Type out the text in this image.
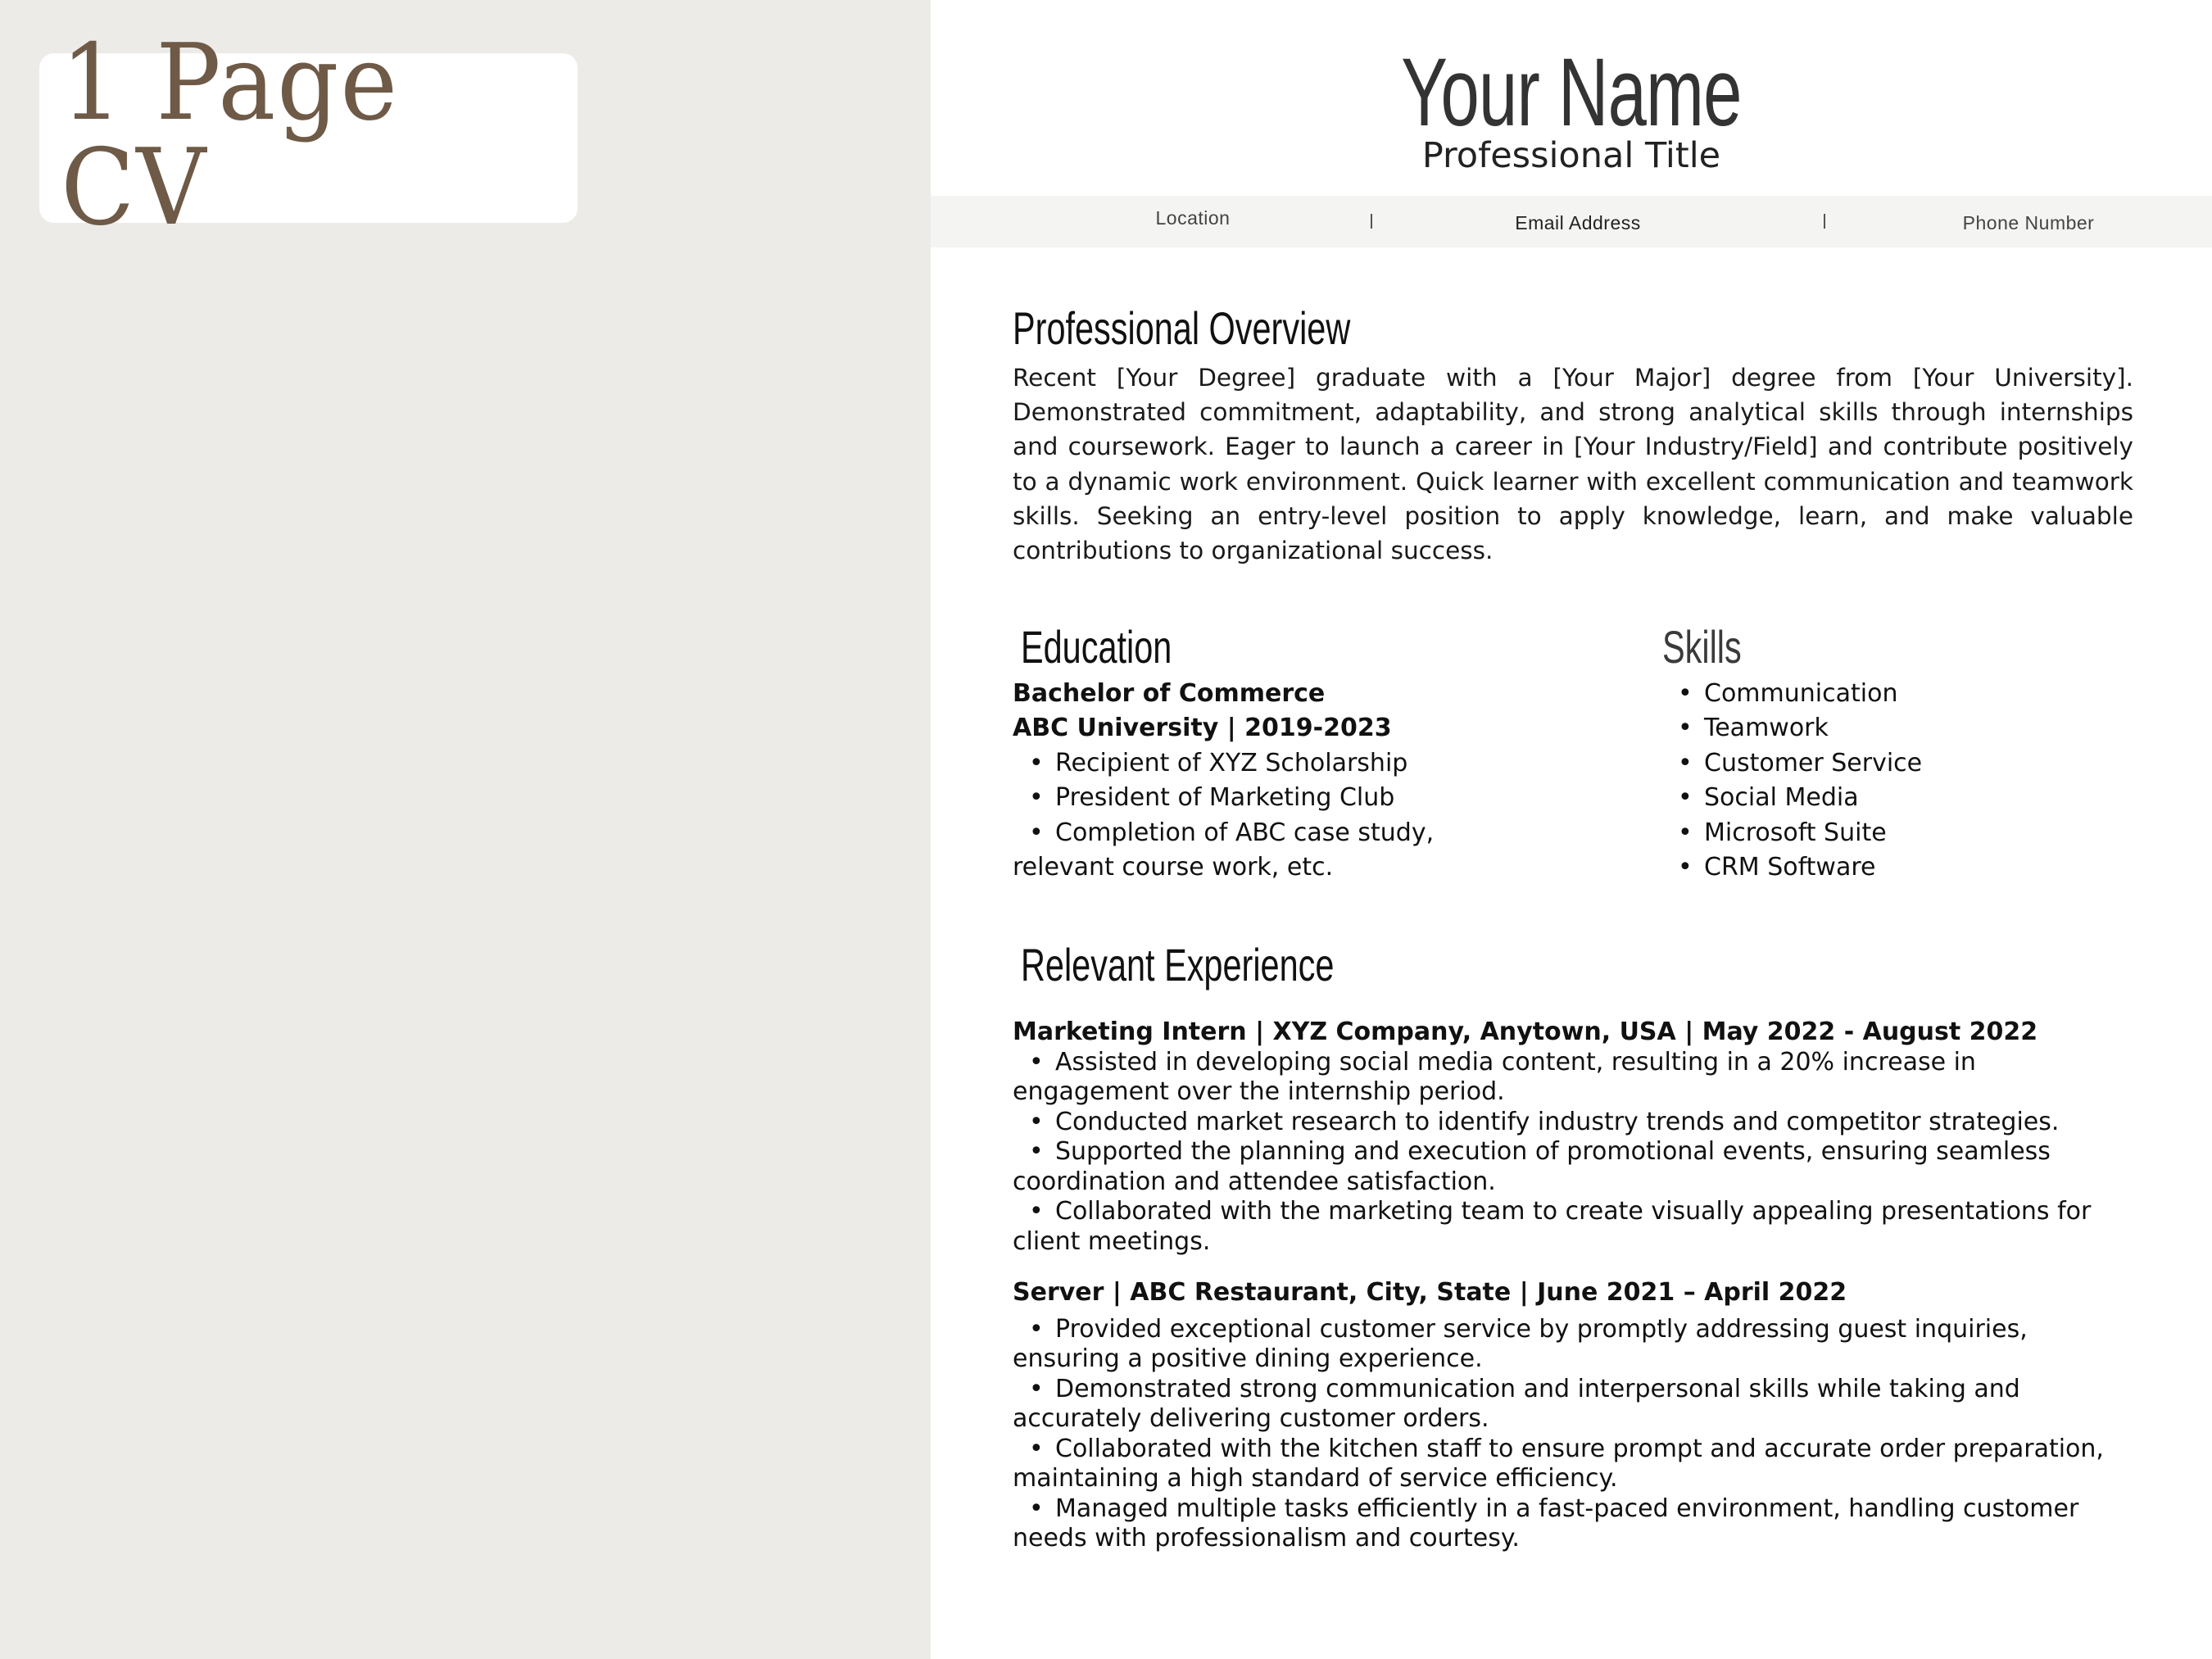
1 Page CV
Your Name
Professional Title
Location	Email Address	Phone Number
Professional Overview
Recent [Your Degree] graduate with a [Your Major] degree from [Your University]. Demonstrated commitment, adaptability, and strong analytical skills through internships and coursework. Eager to launch a career in [Your Industry/Field] and contribute positively to a dynamic work environment. Quick learner with excellent communication and teamwork skills. Seeking an entry-level position to apply knowledge, learn, and make valuable contributions to organizational success.
Education
Bachelor of Commerce
ABC University | 2019-2023
• Recipient of XYZ Scholarship
• President of Marketing Club
• Completion of ABC case study,
relevant course work, etc.
Skills
• Communication
• Teamwork
• Customer Service
• Social Media
• Microsoft Suite
• CRM Software
Relevant Experience
Marketing Intern | XYZ Company, Anytown, USA | May 2022 - August 2022
• Assisted in developing social media content, resulting in a 20% increase in
engagement over the internship period.
• Conducted market research to identify industry trends and competitor strategies.
• Supported the planning and execution of promotional events, ensuring seamless
coordination and attendee satisfaction.
• Collaborated with the marketing team to create visually appealing presentations for
client meetings.
Server | ABC Restaurant, City, State | June 2021 – April 2022
• Provided exceptional customer service by promptly addressing guest inquiries,
ensuring a positive dining experience.
• Demonstrated strong communication and interpersonal skills while taking and
accurately delivering customer orders.
• Collaborated with the kitchen staff to ensure prompt and accurate order preparation,
maintaining a high standard of service efficiency.
• Managed multiple tasks efficiently in a fast-paced environment, handling customer
needs with professionalism and courtesy.
